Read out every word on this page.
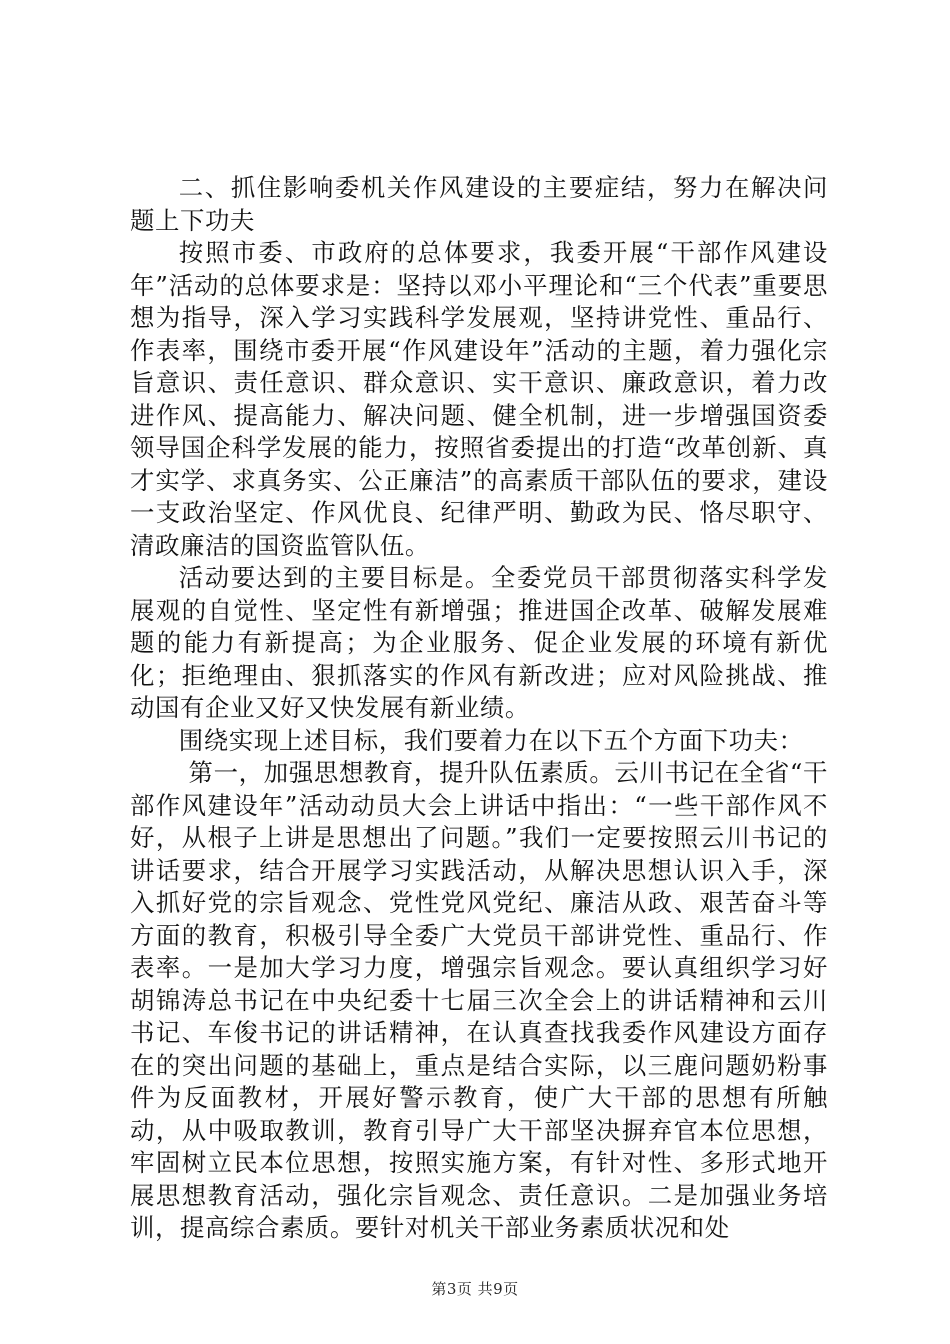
二、抓住影响委机关作风建设的主要症结，努力在解决问题上下功夫

按照市委、市政府的总体要求，我委开展“干部作风建设年”活动的总体要求是：坚持以邓小平理论和“三个代表”重要思想为指导，深入学习实践科学发展观，坚持讲党性、重品行、作表率，围绕市委开展“作风建设年”活动的主题，着力强化宗旨意识、责任意识、群众意识、实干意识、廉政意识，着力改进作风、提高能力、解决问题、健全机制，进一步增强国资委领导国企科学发展的能力，按照省委提出的打造“改革创新、真才实学、求真务实、公正廉洁”的高素质干部队伍的要求，建设一支政治坚定、作风优良、纪律严明、勤政为民、恪尽职守、清政廉洁的国资监管队伍。

活动要达到的主要目标是。全委党员干部贯彻落实科学发展观的自觉性、坚定性有新增强；推进国企改革、破解发展难题的能力有新提高；为企业服务、促企业发展的环境有新优化；拒绝理由、狠抓落实的作风有新改进；应对风险挑战、推动国有企业又好又快发展有新业绩。

围绕实现上述目标，我们要着力在以下五个方面下功夫：

第一，加强思想教育，提升队伍素质。云川书记在全省“干部作风建设年”活动动员大会上讲话中指出：“一些干部作风不好，从根子上讲是思想出了问题。”我们一定要按照云川书记的讲话要求，结合开展学习实践活动，从解决思想认识入手，深入抓好党的宗旨观念、党性党风党纪、廉洁从政、艰苦奋斗等方面的教育，积极引导全委广大党员干部讲党性、重品行、作表率。一是加大学习力度，增强宗旨观念。要认真组织学习好胡锦涛总书记在中央纪委十七届三次全会上的讲话精神和云川书记、车俊书记的讲话精神，在认真查找我委作风建设方面存在的突出问题的基础上，重点是结合实际，以三鹿问题奶粉事件为反面教材，开展好警示教育，使广大干部的思想有所触动，从中吸取教训，教育引导广大干部坚决摒弃官本位思想，牢固树立民本位思想，按照实施方案，有针对性、多形式地开展思想教育活动，强化宗旨观念、责任意识。二是加强业务培训，提高综合素质。要针对机关干部业务素质状况和处

第3页 共9页
